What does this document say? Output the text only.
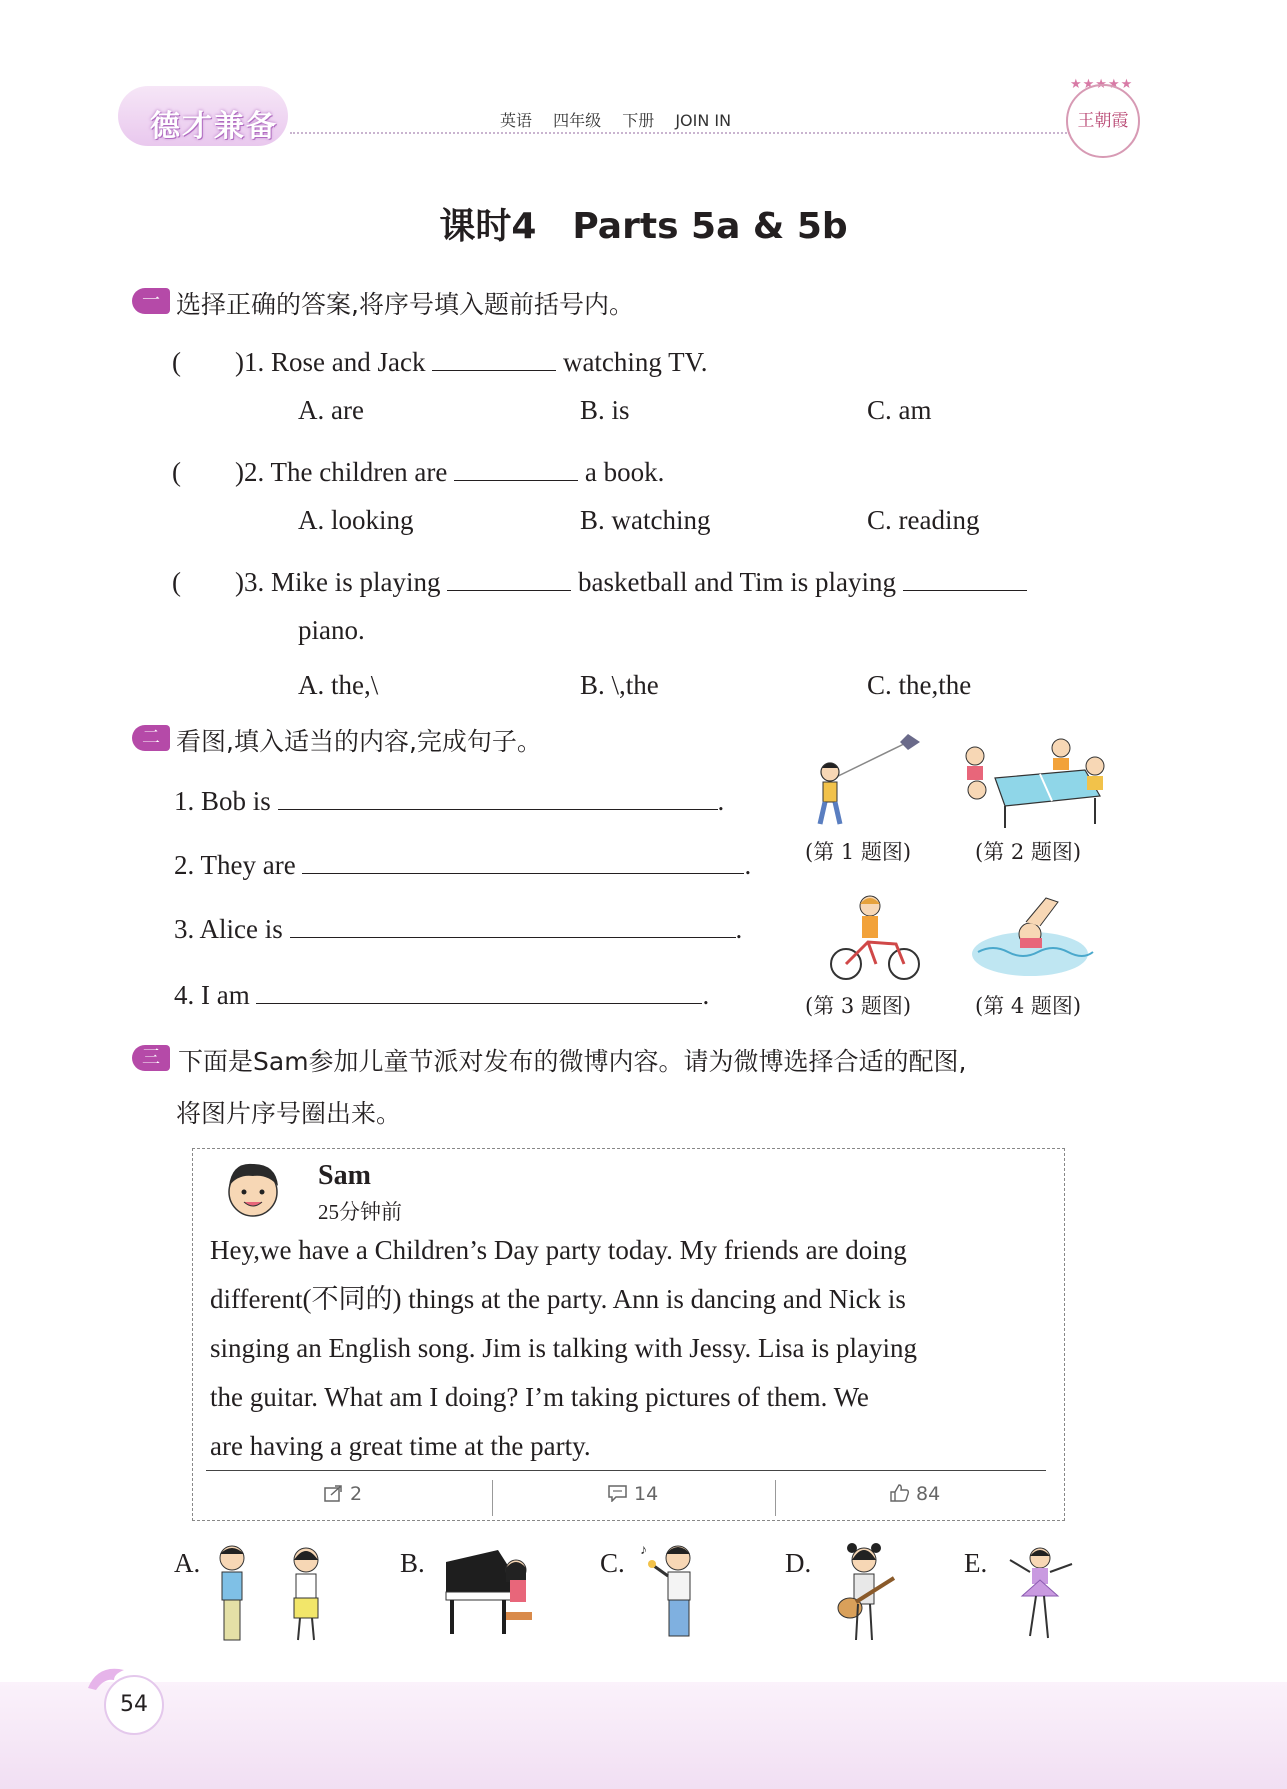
德才兼备	英语 四年级 下册 JOIN IN
★★★★★
王朝霞
课时4　Parts 5a & 5b
一 选择正确的答案,将序号填入题前括号内。
(　　)1. Rose and Jack	watching TV.
A. are	B. is	C. am
(　　)2. The children are	a book.
A. looking	B. watching	C. reading
(　　)3. Mike is playing	basketball and Tim is playing
piano.
A. the,\	B. \,the	C. the,the
二 看图,填入适当的内容,完成句子。
1. Bob is	.
2. They are	.
3. Alice is	.
4. I am	.
(第 1 题图)	(第 2 题图)
(第 3 题图)	(第 4 题图)
三 下面是Sam参加儿童节派对发布的微博内容。请为微博选择合适的配图,
将图片序号圈出来。
Sam
25分钟前
Hey,we have a Children’s Day party today. My friends are doing
different(不同的) things at the party. Ann is dancing and Nick is
singing an English song. Jim is talking with Jessy. Lisa is playing
the guitar. What am I doing? I’m taking pictures of them. We
are having a great time at the party.
2	14	84
A.	B.	C. ♪	D.	E.
54
